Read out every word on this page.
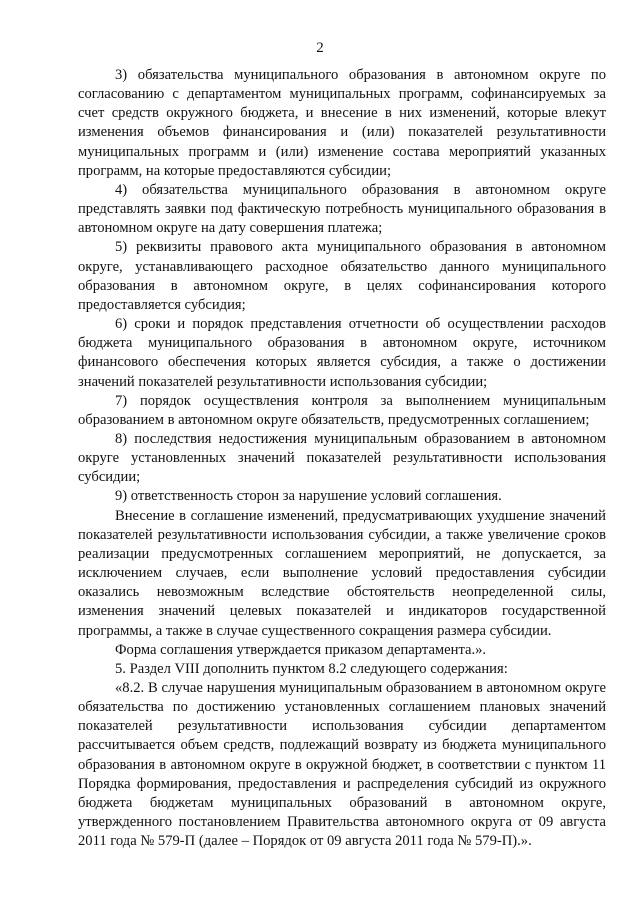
2

3) обязательства муниципального образования в автономном округе по согласованию с департаментом муниципальных программ, софинансируемых за счет средств окружного бюджета, и внесение в них изменений, которые влекут изменения объемов финансирования и (или) показателей результативности муниципальных программ и (или) изменение состава мероприятий указанных программ, на которые предоставляются субсидии;

4) обязательства муниципального образования в автономном округе представлять заявки под фактическую потребность муниципального образования в автономном округе на дату совершения платежа;

5) реквизиты правового акта муниципального образования в автономном округе, устанавливающего расходное обязательство данного муниципального образования в автономном округе, в целях софинансирования которого предоставляется субсидия;

6) сроки и порядок представления отчетности об осуществлении расходов бюджета муниципального образования в автономном округе, источником финансового обеспечения которых является субсидия, а также о достижении значений показателей результативности использования субсидии;

7) порядок осуществления контроля за выполнением муниципальным образованием в автономном округе обязательств, предусмотренных соглашением;

8) последствия недостижения муниципальным образованием в автономном округе установленных значений показателей результативности использования субсидии;

9) ответственность сторон за нарушение условий соглашения.

Внесение в соглашение изменений, предусматривающих ухудшение значений показателей результативности использования субсидии, а также увеличение сроков реализации предусмотренных соглашением мероприятий, не допускается, за исключением случаев, если выполнение условий предоставления субсидии оказались невозможным вследствие обстоятельств неопределенной силы, изменения значений целевых показателей и индикаторов государственной программы, а также в случае существенного сокращения размера субсидии.

Форма соглашения утверждается приказом департамента.».

5. Раздел VIII дополнить пунктом 8.2 следующего содержания:

«8.2. В случае нарушения муниципальным образованием в автономном округе обязательства по достижению установленных соглашением плановых значений показателей результативности использования субсидии департаментом рассчитывается объем средств, подлежащий возврату из бюджета муниципального образования в автономном округе в окружной бюджет, в соответствии с пунктом 11 Порядка формирования, предоставления и распределения субсидий из окружного бюджета бюджетам муниципальных образований в автономном округе, утвержденного постановлением Правительства автономного округа от 09 августа 2011 года № 579-П (далее – Порядок от 09 августа 2011 года № 579-П).».
